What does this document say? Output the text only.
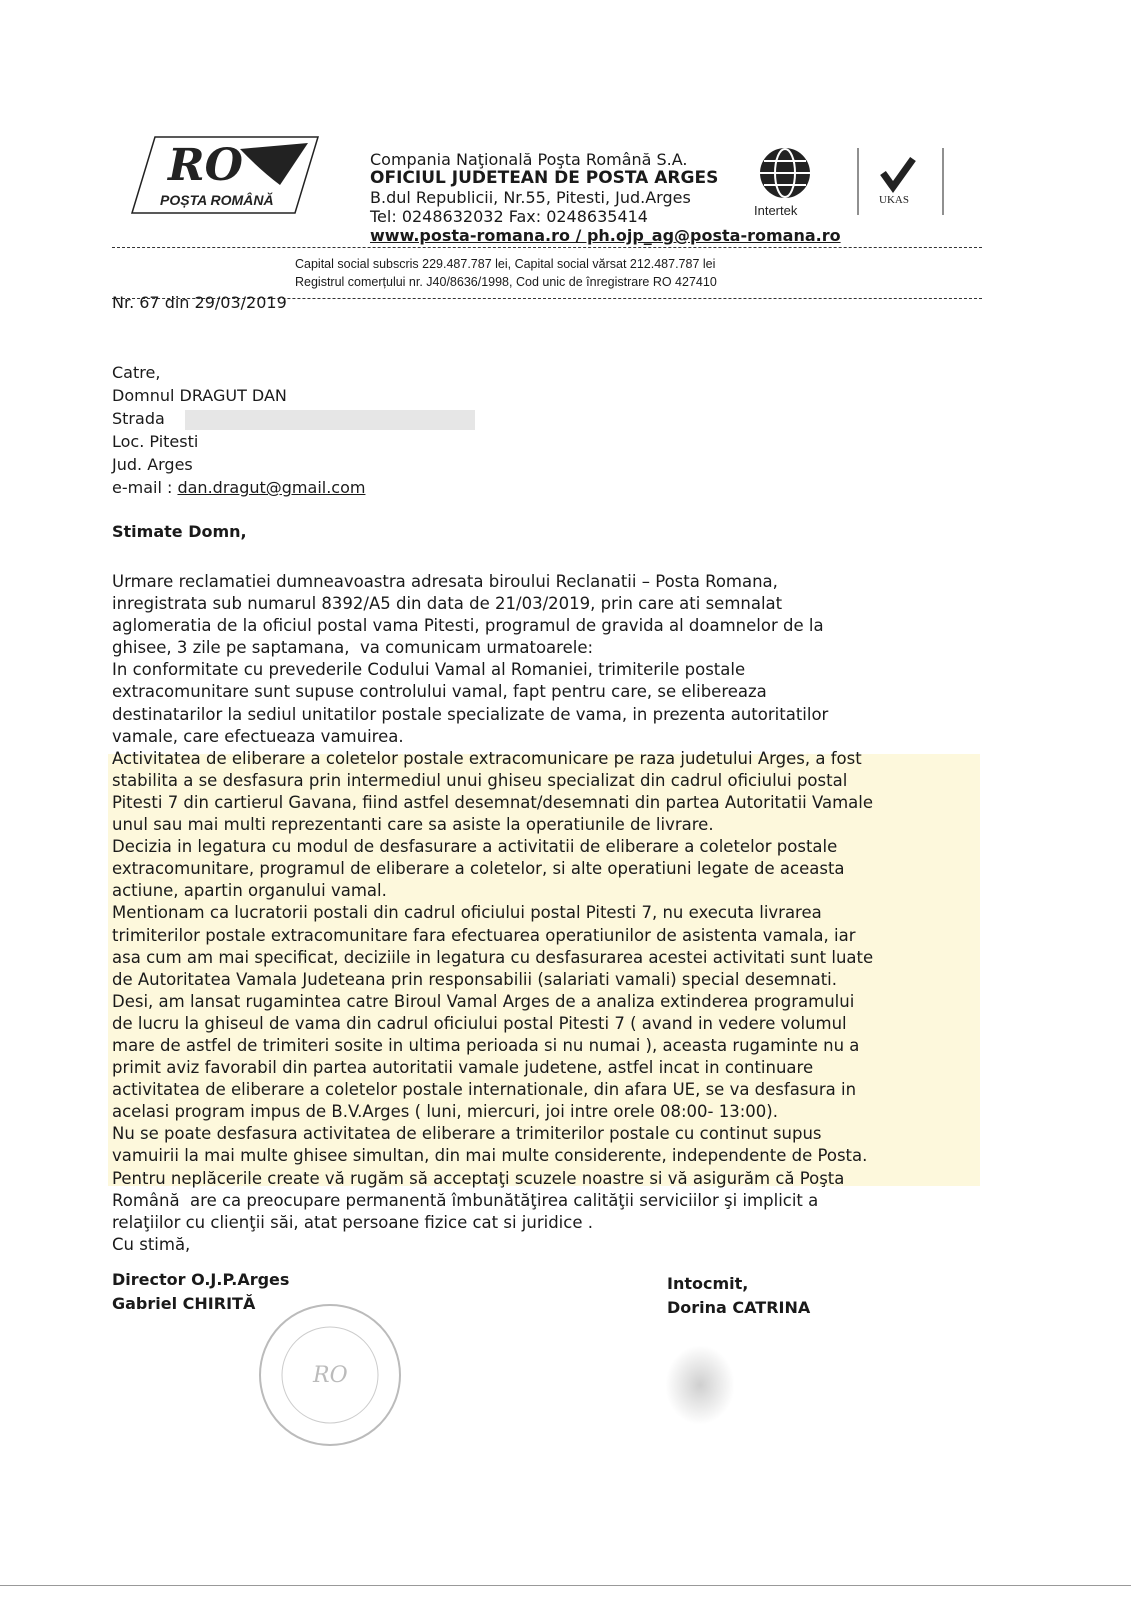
RO
POȘTA ROMÂNĂ
Compania Naţională Poşta Română S.A.
OFICIUL JUDETEAN DE POSTA ARGES
B.dul Republicii, Nr.55, Pitesti, Jud.Arges
Tel: 0248632032 Fax: 0248635414
www.posta-romana.ro / ph.ojp_ag@posta-romana.ro
Intertek
UKAS
Capital social subscris 229.487.787 lei, Capital social vărsat 212.487.787 lei
Registrul comerțului nr. J40/8636/1998, Cod unic de înregistrare RO 427410
Nr. 67 din 29/03/2019
Catre,
Domnul DRAGUT DAN
Strada
Loc. Pitesti
Jud. Arges
e-mail : dan.dragut@gmail.com
Stimate Domn,
Urmare reclamatiei dumneavoastra adresata biroului Reclanatii – Posta Romana,
inregistrata sub numarul 8392/A5 din data de 21/03/2019, prin care ati semnalat
aglomeratia de la oficiul postal vama Pitesti, programul de gravida al doamnelor de la
ghisee, 3 zile pe saptamana,  va comunicam urmatoarele:
In conformitate cu prevederile Codului Vamal al Romaniei, trimiterile postale
extracomunitare sunt supuse controlului vamal, fapt pentru care, se elibereaza
destinatarilor la sediul unitatilor postale specializate de vama, in prezenta autoritatilor
vamale, care efectueaza vamuirea.
Activitatea de eliberare a coletelor postale extracomunicare pe raza judetului Arges, a fost
stabilita a se desfasura prin intermediul unui ghiseu specializat din cadrul oficiului postal
Pitesti 7 din cartierul Gavana, fiind astfel desemnat/desemnati din partea Autoritatii Vamale
unul sau mai multi reprezentanti care sa asiste la operatiunile de livrare.
Decizia in legatura cu modul de desfasurare a activitatii de eliberare a coletelor postale
extracomunitare, programul de eliberare a coletelor, si alte operatiuni legate de aceasta
actiune, apartin organului vamal.
Mentionam ca lucratorii postali din cadrul oficiului postal Pitesti 7, nu executa livrarea
trimiterilor postale extracomunitare fara efectuarea operatiunilor de asistenta vamala, iar
asa cum am mai specificat, deciziile in legatura cu desfasurarea acestei activitati sunt luate
de Autoritatea Vamala Judeteana prin responsabilii (salariati vamali) special desemnati.
Desi, am lansat rugamintea catre Biroul Vamal Arges de a analiza extinderea programului
de lucru la ghiseul de vama din cadrul oficiului postal Pitesti 7 ( avand in vedere volumul
mare de astfel de trimiteri sosite in ultima perioada si nu numai ), aceasta rugaminte nu a
primit aviz favorabil din partea autoritatii vamale judetene, astfel incat in continuare
activitatea de eliberare a coletelor postale internationale, din afara UE, se va desfasura in
acelasi program impus de B.V.Arges ( luni, miercuri, joi intre orele 08:00- 13:00).
Nu se poate desfasura activitatea de eliberare a trimiterilor postale cu continut supus
vamuirii la mai multe ghisee simultan, din mai multe considerente, independente de Posta.
Pentru neplăcerile create vă rugăm să acceptaţi scuzele noastre si vă asigurăm că Poşta
Română  are ca preocupare permanentă îmbunătăţirea calităţii serviciilor şi implicit a
relaţiilor cu clienţii săi, atat persoane fizice cat si juridice .
Cu stimă,
Director O.J.P.Arges
Gabriel CHIRITĂ
Intocmit,
Dorina CATRINA
RO
